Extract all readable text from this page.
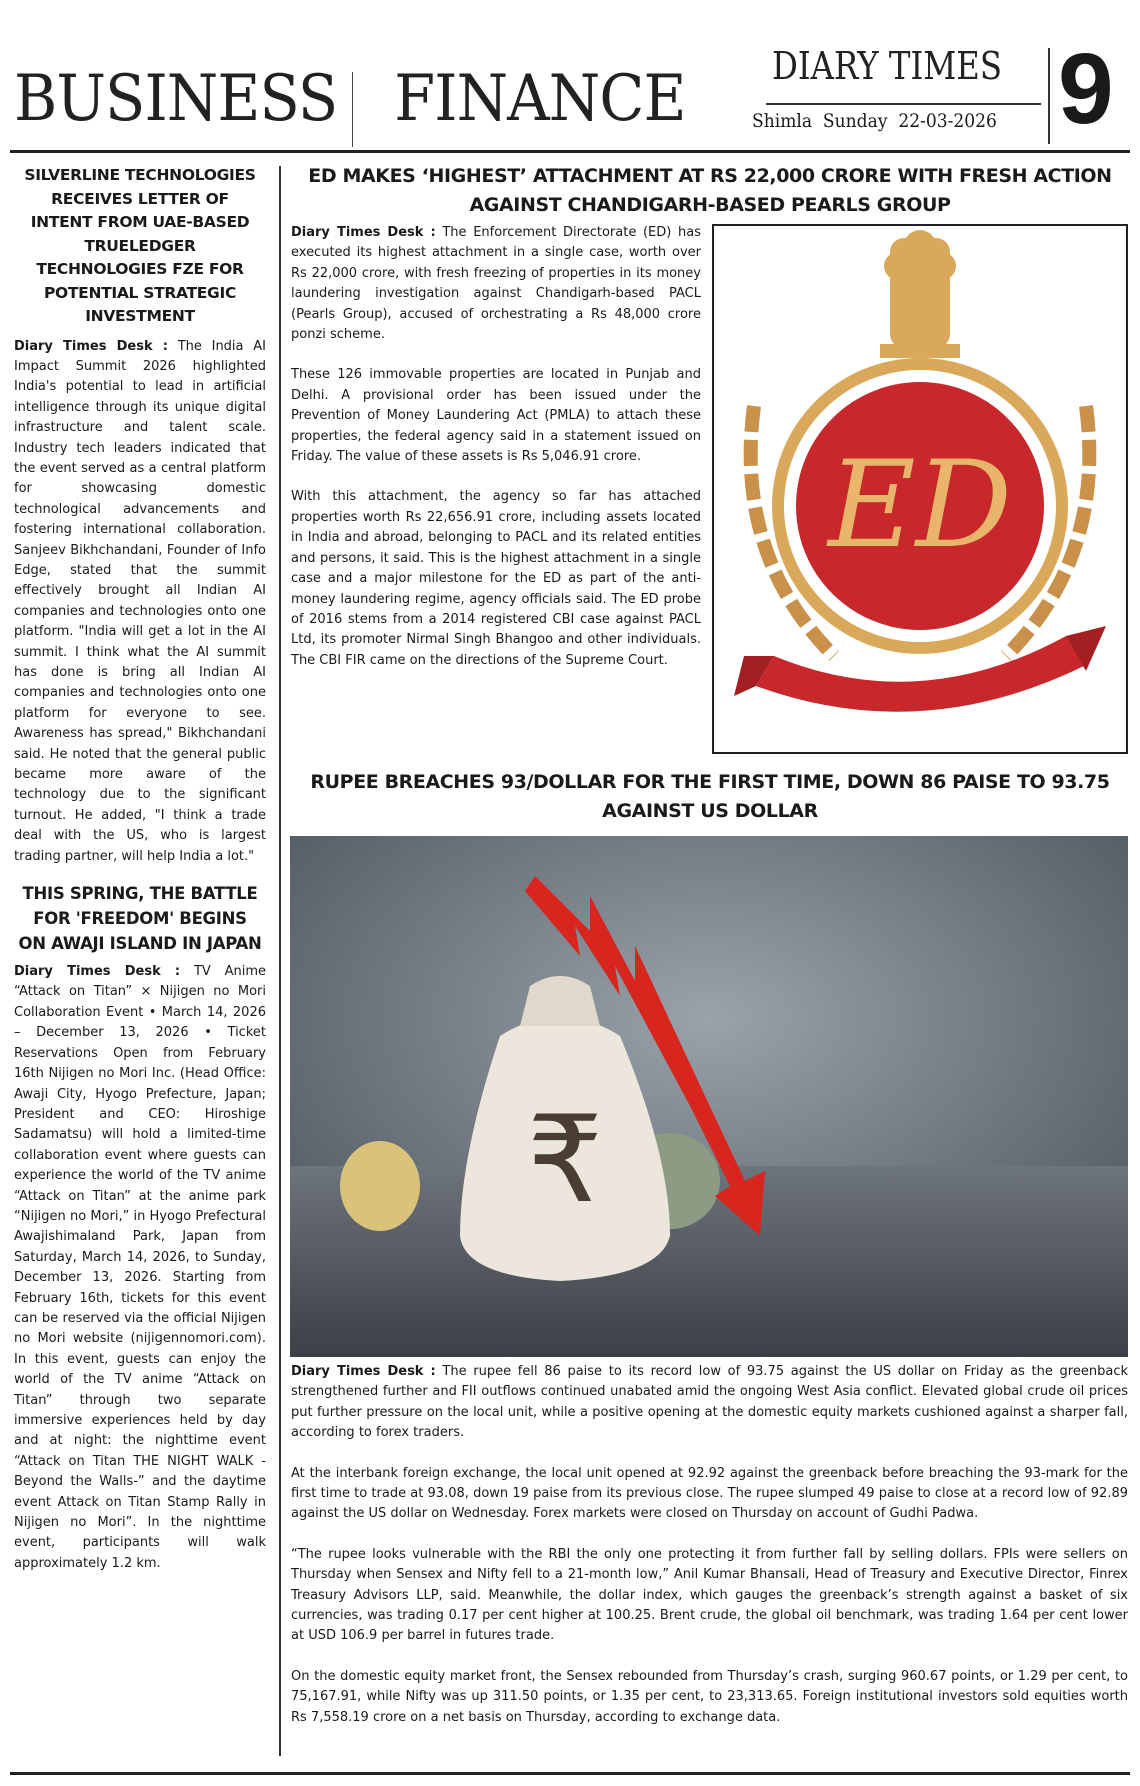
BUSINESS FINANCE DIARY TIMES
Shimla Sunday 22-03-2026 9
SILVERLINE TECHNOLOGIES RECEIVES LETTER OF INTENT FROM UAE-BASED TRUELEDGER TECHNOLOGIES FZE FOR POTENTIAL STRATEGIC INVESTMENT
Diary Times Desk : The India AI Impact Summit 2026 highlighted India's potential to lead in artificial intelligence through its unique digital infrastructure and talent scale. Industry tech leaders indicated that the event served as a central platform for showcasing domestic technological advancements and fostering international collaboration. Sanjeev Bikhchandani, Founder of Info Edge, stated that the summit effectively brought all Indian AI companies and technologies onto one platform. "India will get a lot in the AI summit. I think what the AI summit has done is bring all Indian AI companies and technologies onto one platform for everyone to see. Awareness has spread," Bikhchandani said. He noted that the general public became more aware of the technology due to the significant turnout. He added, "I think a trade deal with the US, who is largest trading partner, will help India a lot."
THIS SPRING, THE BATTLE FOR 'FREEDOM' BEGINS ON AWAJI ISLAND IN JAPAN
Diary Times Desk : TV Anime “Attack on Titan” × Nijigen no Mori Collaboration Event • March 14, 2026 – December 13, 2026 • Ticket Reservations Open from February 16th Nijigen no Mori Inc. (Head Office: Awaji City, Hyogo Prefecture, Japan; President and CEO: Hiroshige Sadamatsu) will hold a limited-time collaboration event where guests can experience the world of the TV anime “Attack on Titan” at the anime park “Nijigen no Mori,” in Hyogo Prefectural Awajishimaland Park, Japan from Saturday, March 14, 2026, to Sunday, December 13, 2026. Starting from February 16th, tickets for this event can be reserved via the official Nijigen no Mori website (nijigennomori.com). In this event, guests can enjoy the world of the TV anime “Attack on Titan” through two separate immersive experiences held by day and at night: the nighttime event “Attack on Titan THE NIGHT WALK -Beyond the Walls-” and the daytime event Attack on Titan Stamp Rally in Nijigen no Mori”. In the nighttime event, participants will walk approximately 1.2 km.
ED MAKES ‘HIGHEST’ ATTACHMENT AT RS 22,000 CRORE WITH FRESH ACTION AGAINST CHANDIGARH-BASED PEARLS GROUP

Diary Times Desk : The Enforcement Directorate (ED) has executed its highest attachment in a single case, worth over Rs 22,000 crore, with fresh freezing of properties in its money laundering investigation against Chandigarh-based PACL (Pearls Group), accused of orchestrating a Rs 48,000 crore ponzi scheme.

These 126 immovable properties are located in Punjab and Delhi. A provisional order has been issued under the Prevention of Money Laundering Act (PMLA) to attach these properties, the federal agency said in a statement issued on Friday. The value of these assets is Rs 5,046.91 crore.

With this attachment, the agency so far has attached properties worth Rs 22,656.91 crore, including assets located in India and abroad, belonging to PACL and its related entities and persons, it said. This is the highest attachment in a single case and a major milestone for the ED as part of the anti-money laundering regime, agency officials said. The ED probe of 2016 stems from a 2014 registered CBI case against PACL Ltd, its promoter Nirmal Singh Bhangoo and other individuals. The CBI FIR came on the directions of the Supreme Court.

ED
RUPEE BREACHES 93/DOLLAR FOR THE FIRST TIME, DOWN 86 PAISE TO 93.75 AGAINST US DOLLAR
₹

Diary Times Desk : The rupee fell 86 paise to its record low of 93.75 against the US dollar on Friday as the greenback strengthened further and FII outflows continued unabated amid the ongoing West Asia conflict. Elevated global crude oil prices put further pressure on the local unit, while a positive opening at the domestic equity markets cushioned against a sharper fall, according to forex traders.

At the interbank foreign exchange, the local unit opened at 92.92 against the greenback before breaching the 93-mark for the first time to trade at 93.08, down 19 paise from its previous close. The rupee slumped 49 paise to close at a record low of 92.89 against the US dollar on Wednesday. Forex markets were closed on Thursday on account of Gudhi Padwa.

“The rupee looks vulnerable with the RBI the only one protecting it from further fall by selling dollars. FPIs were sellers on Thursday when Sensex and Nifty fell to a 21-month low,” Anil Kumar Bhansali, Head of Treasury and Executive Director, Finrex Treasury Advisors LLP, said. Meanwhile, the dollar index, which gauges the greenback’s strength against a basket of six currencies, was trading 0.17 per cent higher at 100.25. Brent crude, the global oil benchmark, was trading 1.64 per cent lower at USD 106.9 per barrel in futures trade.

On the domestic equity market front, the Sensex rebounded from Thursday’s crash, surging 960.67 points, or 1.29 per cent, to 75,167.91, while Nifty was up 311.50 points, or 1.35 per cent, to 23,313.65. Foreign institutional investors sold equities worth Rs 7,558.19 crore on a net basis on Thursday, according to exchange data.
